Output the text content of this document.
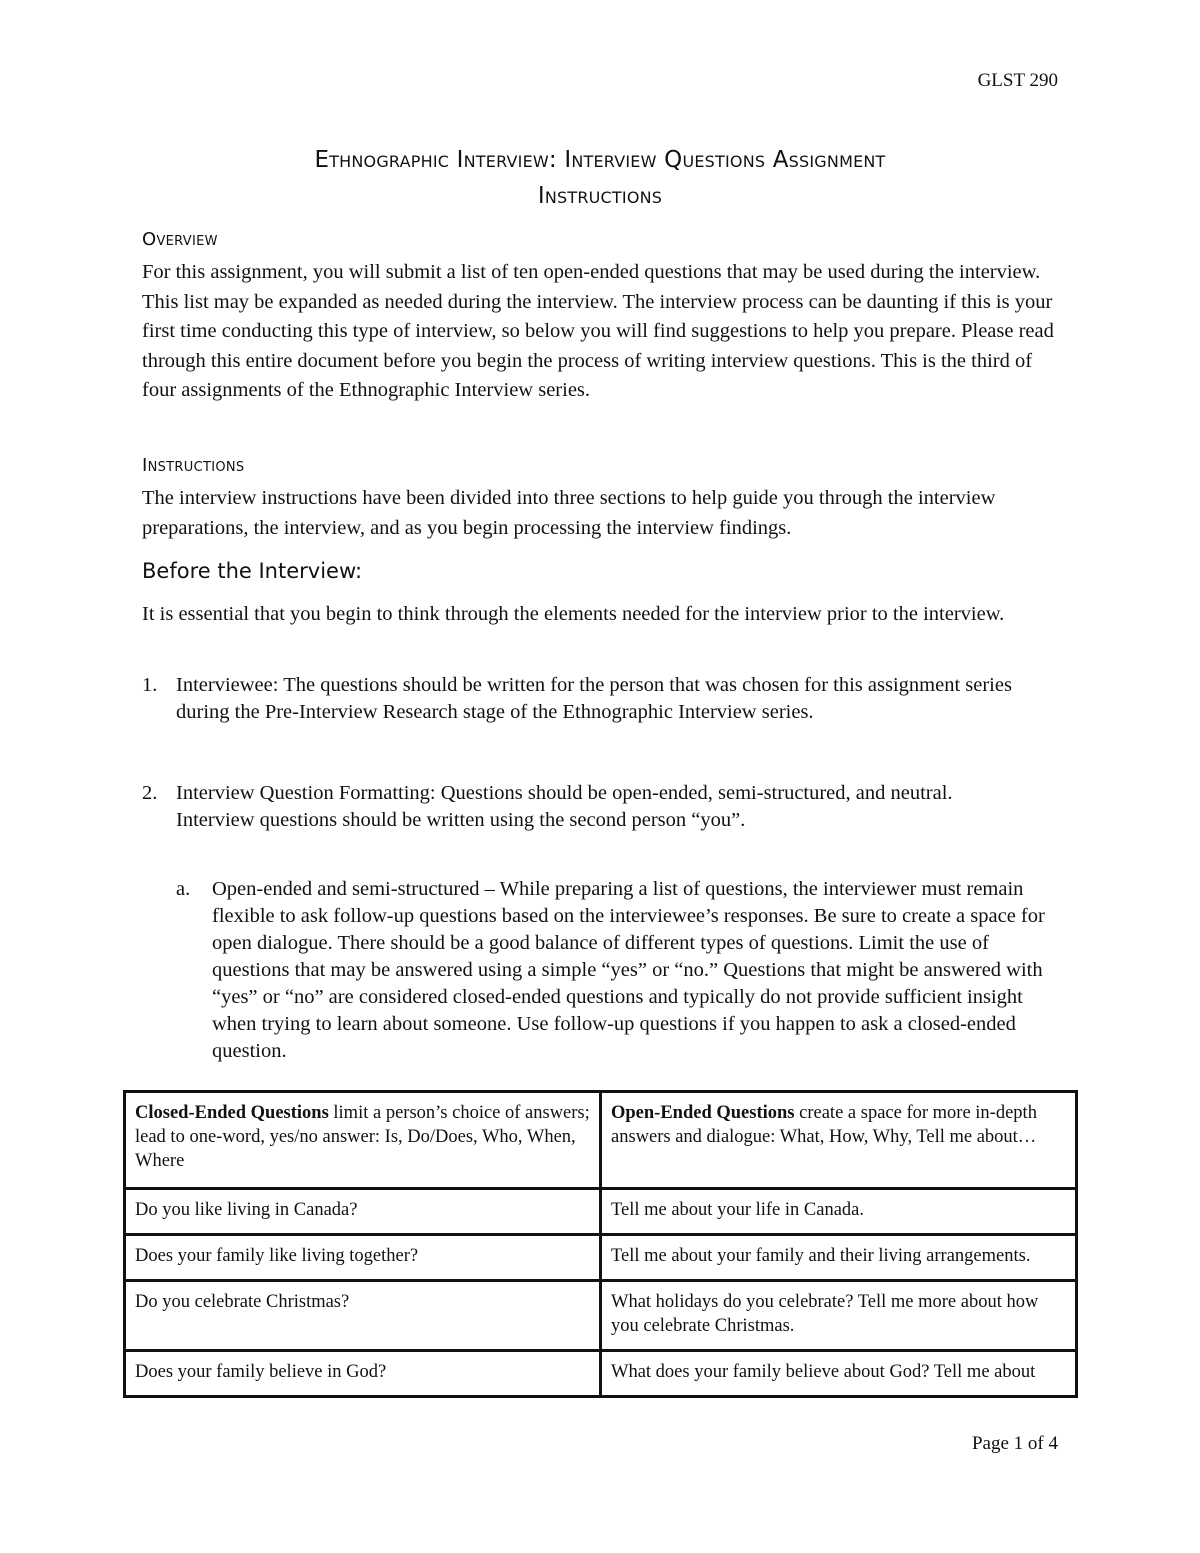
GLST 290
Ethnographic Interview: Interview Questions Assignment
Instructions
Overview
For this assignment, you will submit a list of ten open-ended questions that may be used during the interview. This list may be expanded as needed during the interview. The interview process can be daunting if this is your first time conducting this type of interview, so below you will find suggestions to help you prepare. Please read through this entire document before you begin the process of writing interview questions. This is the third of four assignments of the Ethnographic Interview series.
Instructions
The interview instructions have been divided into three sections to help guide you through the interview preparations, the interview, and as you begin processing the interview findings.
Before the Interview:
It is essential that you begin to think through the elements needed for the interview prior to the interview.
1. Interviewee: The questions should be written for the person that was chosen for this assignment series during the Pre-Interview Research stage of the Ethnographic Interview series.
2. Interview Question Formatting: Questions should be open-ended, semi-structured, and neutral. Interview questions should be written using the second person “you”.
a. Open-ended and semi-structured – While preparing a list of questions, the interviewer must remain flexible to ask follow-up questions based on the interviewee’s responses. Be sure to create a space for open dialogue. There should be a good balance of different types of questions. Limit the use of questions that may be answered using a simple “yes” or “no.” Questions that might be answered with “yes” or “no” are considered closed-ended questions and typically do not provide sufficient insight when trying to learn about someone. Use follow-up questions if you happen to ask a closed-ended question.
Closed-Ended Questions limit a person’s choice of answers; lead to one-word, yes/no answer: Is, Do/Does, Who, When, Where	Open-Ended Questions create a space for more in-depth answers and dialogue: What, How, Why, Tell me about…
Do you like living in Canada?	Tell me about your life in Canada.
Does your family like living together?	Tell me about your family and their living arrangements.
Do you celebrate Christmas?	What holidays do you celebrate? Tell me more about how you celebrate Christmas.
Does your family believe in God?	What does your family believe about God? Tell me about
Page 1 of 4
